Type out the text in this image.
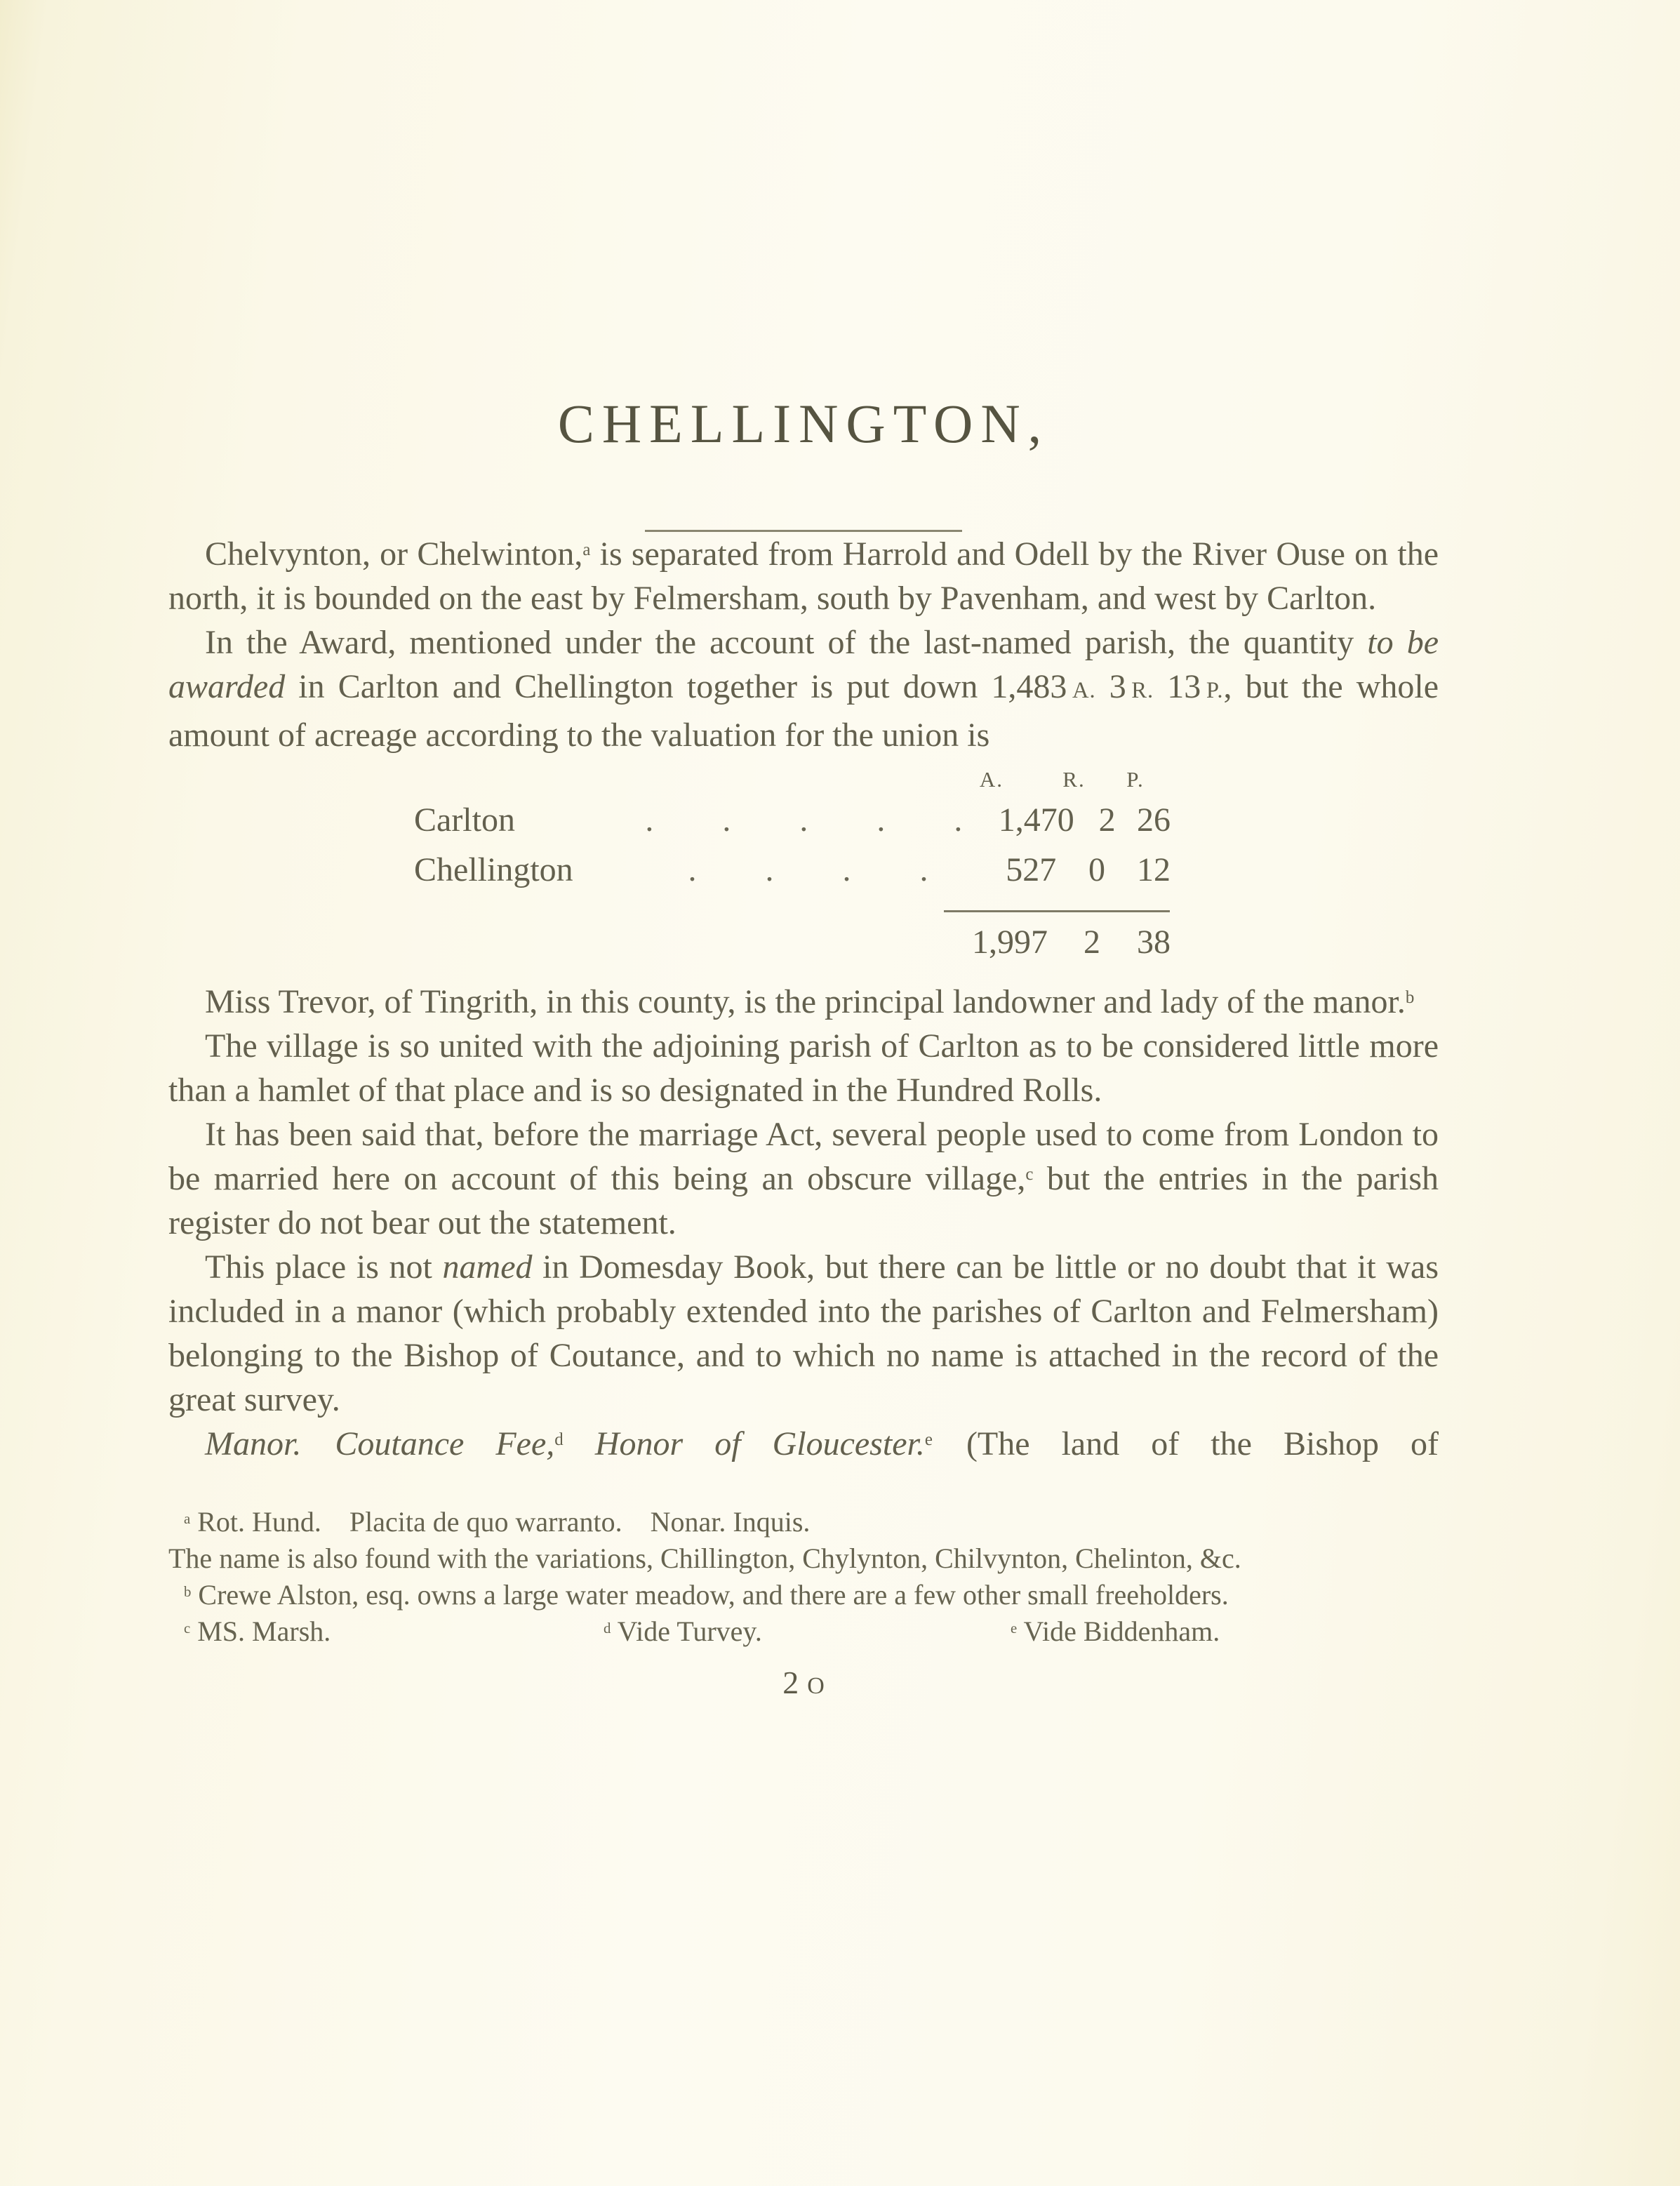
CHELLINGTON,

Chelvynton, or Chelwinton,$^a$ is separated from Harrold and Odell by the River Ouse on the north, it is bounded on the east by Felmersham, south by Pavenham, and west by Carlton.

In the Award, mentioned under the account of the last-named parish, the quantity to be awarded in Carlton and Chellington together is put down 1,483 A. 3 R. 13 P., but the whole amount of acreage according to the valuation for the union is

A.	R.	P.
Carlton	. . . . .	1,470 2 26
Chellington	. . . .	527 0 12
1,997	2	38

Miss Trevor, of Tingrith, in this county, is the principal landowner and lady of the manor.$^b$

The village is so united with the adjoining parish of Carlton as to be considered little more than a hamlet of that place and is so designated in the Hundred Rolls.

It has been said that, before the marriage Act, several people used to come from London to be married here on account of this being an obscure village,$^c$ but the entries in the parish register do not bear out the statement.

This place is not named in Domesday Book, but there can be little or no doubt that it was included in a manor (which probably extended into the parishes of Carlton and Felmersham) belonging to the Bishop of Coutance, and to which no name is attached in the record of the great survey.

Manor.  Coutance Fee,$^d$ Honor of Gloucester.$^e$ (The land of the Bishop of

$^a$ Rot. Hund. Placita de quo warranto. Nonar. Inquis.

The name is also found with the variations, Chillington, Chylynton, Chilvynton, Chelinton, &c.

$^b$ Crewe Alston, esq. owns a large water meadow, and there are a few other small freeholders.

$^c$ MS. Marsh.	$^d$ Vide Turvey.	$^e$ Vide Biddenham.
2 O
